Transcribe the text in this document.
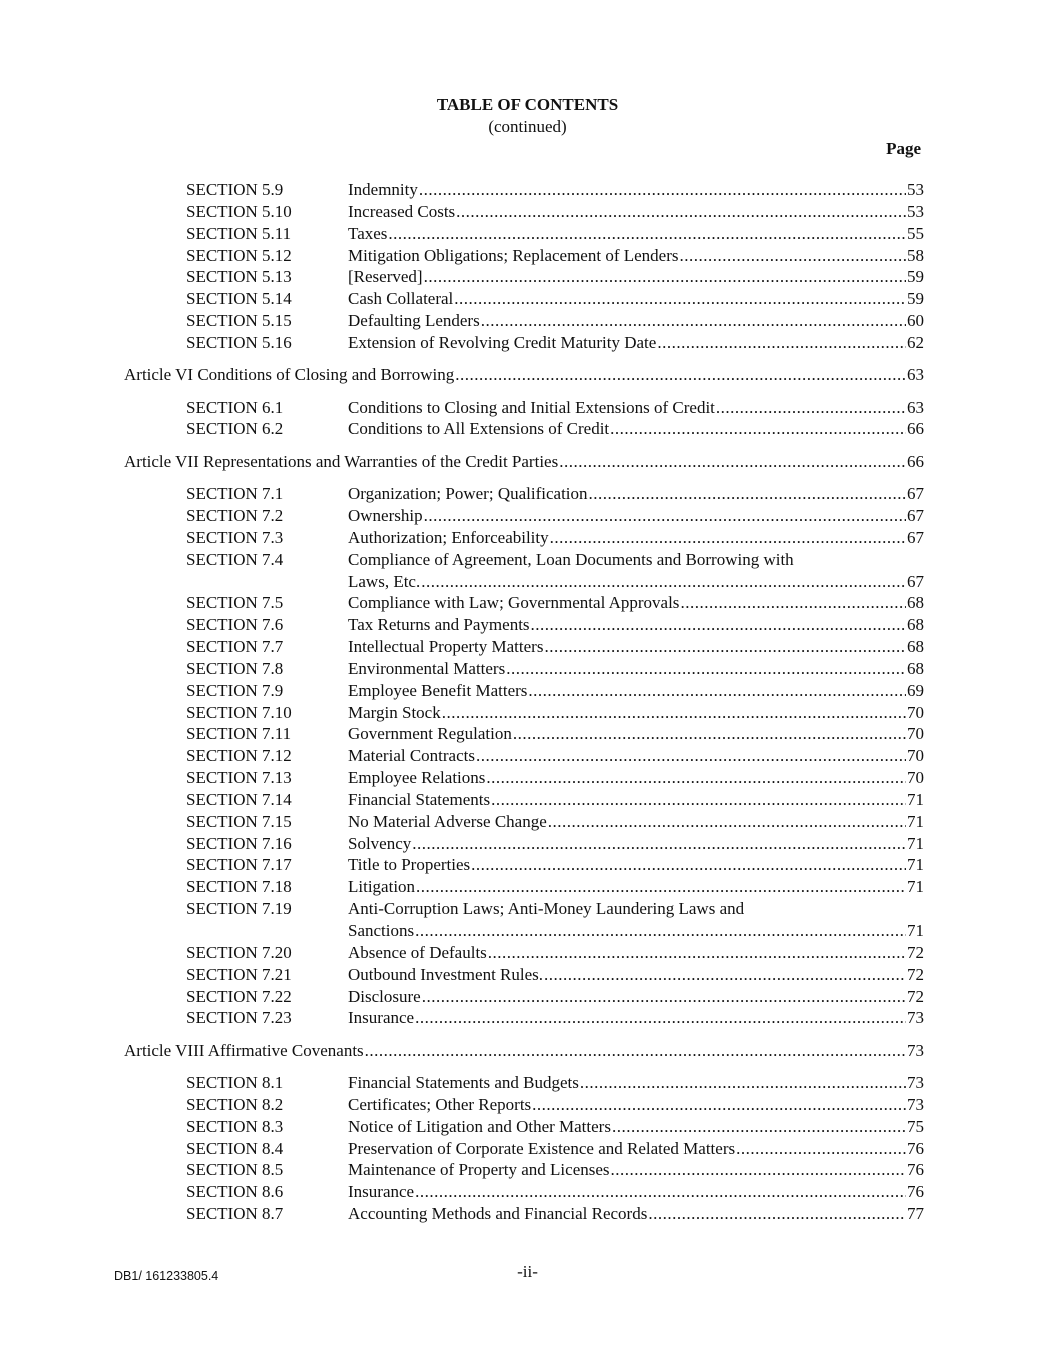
TABLE OF CONTENTS
(continued)
Page
SECTION 5.9	Indemnity .....	53
SECTION 5.10	Increased Costs .....	53
SECTION 5.11	Taxes .....	55
SECTION 5.12	Mitigation Obligations; Replacement of Lenders .....	58
SECTION 5.13	[Reserved] .....	59
SECTION 5.14	Cash Collateral .....	59
SECTION 5.15	Defaulting Lenders .....	60
SECTION 5.16	Extension of Revolving Credit Maturity Date .....	62
Article VI Conditions of Closing and Borrowing .....	63
SECTION 6.1	Conditions to Closing and Initial Extensions of Credit .....	63
SECTION 6.2	Conditions to All Extensions of Credit .....	66
Article VII Representations and Warranties of the Credit Parties .....	66
SECTION 7.1	Organization; Power; Qualification .....	67
SECTION 7.2	Ownership .....	67
SECTION 7.3	Authorization; Enforceability .....	67
SECTION 7.4	Compliance of Agreement, Loan Documents and Borrowing with
Laws, Etc. .....	67
SECTION 7.5	Compliance with Law; Governmental Approvals .....	68
SECTION 7.6	Tax Returns and Payments .....	68
SECTION 7.7	Intellectual Property Matters .....	68
SECTION 7.8	Environmental Matters .....	68
SECTION 7.9	Employee Benefit Matters .....	69
SECTION 7.10	Margin Stock .....	70
SECTION 7.11	Government Regulation .....	70
SECTION 7.12	Material Contracts .....	70
SECTION 7.13	Employee Relations .....	70
SECTION 7.14	Financial Statements .....	71
SECTION 7.15	No Material Adverse Change .....	71
SECTION 7.16	Solvency .....	71
SECTION 7.17	Title to Properties .....	71
SECTION 7.18	Litigation .....	71
SECTION 7.19	Anti-Corruption Laws; Anti-Money Laundering Laws and
Sanctions .....	71
SECTION 7.20	Absence of Defaults .....	72
SECTION 7.21	Outbound Investment Rules. .....	72
SECTION 7.22	Disclosure .....	72
SECTION 7.23	Insurance .....	73
Article VIII Affirmative Covenants .....	73
SECTION 8.1	Financial Statements and Budgets .....	73
SECTION 8.2	Certificates; Other Reports .....	73
SECTION 8.3	Notice of Litigation and Other Matters .....	75
SECTION 8.4	Preservation of Corporate Existence and Related Matters .....	76
SECTION 8.5	Maintenance of Property and Licenses .....	76
SECTION 8.6	Insurance .....	76
SECTION 8.7	Accounting Methods and Financial Records .....	77
DB1/ 161233805.4	-ii-
